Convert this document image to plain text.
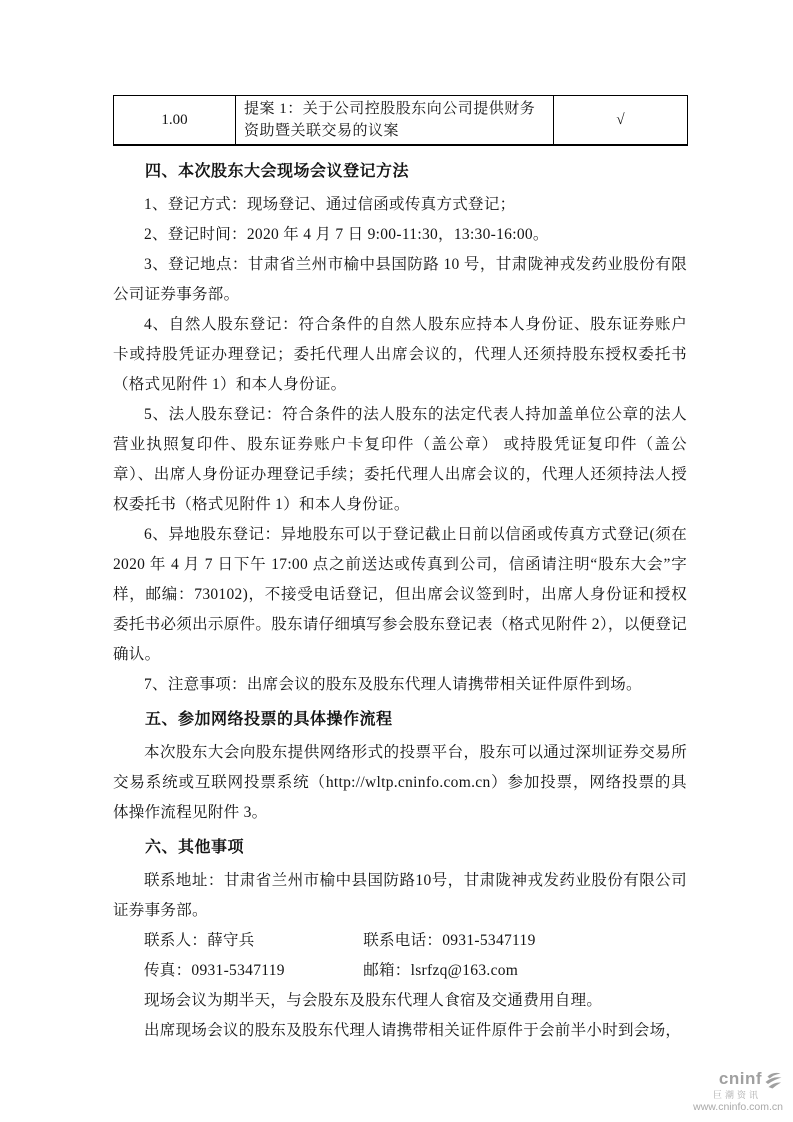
1.00	提案 1：关于公司控股股东向公司提供财务资助暨关联交易的议案	√
四、本次股东大会现场会议登记方法

1、登记方式：现场登记、通过信函或传真方式登记；

2、登记时间：2020 年 4 月 7 日 9:00-11:30，13:30-16:00。

3、登记地点：甘肃省兰州市榆中县国防路 10 号，甘肃陇神戎发药业股份有限公司证券事务部。

4、自然人股东登记：符合条件的自然人股东应持本人身份证、股东证券账户卡或持股凭证办理登记；委托代理人出席会议的，代理人还须持股东授权委托书（格式见附件 1）和本人身份证。

5、法人股东登记：符合条件的法人股东的法定代表人持加盖单位公章的法人营业执照复印件、股东证券账户卡复印件（盖公章） 或持股凭证复印件（盖公章）、出席人身份证办理登记手续；委托代理人出席会议的，代理人还须持法人授权委托书（格式见附件 1）和本人身份证。

6、异地股东登记：异地股东可以于登记截止日前以信函或传真方式登记(须在 2020 年 4 月 7 日下午 17:00 点之前送达或传真到公司，信函请注明“股东大会”字样，邮编：730102)，不接受电话登记，但出席会议签到时，出席人身份证和授权委托书必须出示原件。股东请仔细填写参会股东登记表（格式见附件 2），以便登记确认。

7、注意事项：出席会议的股东及股东代理人请携带相关证件原件到场。

五、参加网络投票的具体操作流程

本次股东大会向股东提供网络形式的投票平台，股东可以通过深圳证券交易所交易系统或互联网投票系统（http://wltp.cninfo.com.cn）参加投票，网络投票的具体操作流程见附件 3。

六、其他事项

联系地址：甘肃省兰州市榆中县国防路10号，甘肃陇神戎发药业股份有限公司证券事务部。

联系人：薛守兵	联系电话：0931-5347119
传真：0931-5347119	邮箱：lsrfzq@163.com

现场会议为期半天，与会股东及股东代理人食宿及交通费用自理。

出席现场会议的股东及股东代理人请携带相关证件原件于会前半小时到会场，

cninf
巨潮资讯
www.cninfo.com.cn
